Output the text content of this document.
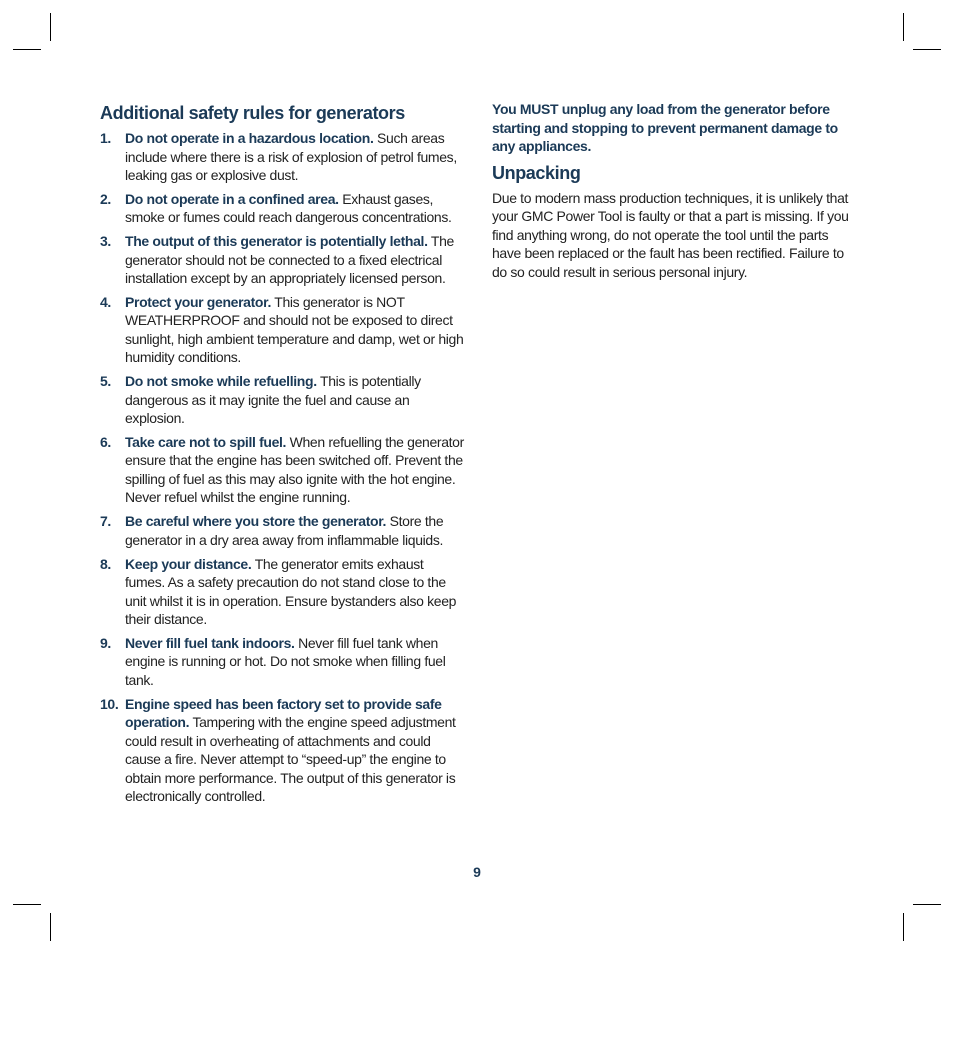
Additional safety rules for generators
1. Do not operate in a hazardous location. Such areas include where there is a risk of explosion of petrol fumes, leaking gas or explosive dust.
2. Do not operate in a confined area. Exhaust gases, smoke or fumes could reach dangerous concentrations.
3. The output of this generator is potentially lethal. The generator should not be connected to a fixed electrical installation except by an appropriately licensed person.
4. Protect your generator. This generator is NOT WEATHERPROOF and should not be exposed to direct sunlight, high ambient temperature and damp, wet or high humidity conditions.
5. Do not smoke while refuelling. This is potentially dangerous as it may ignite the fuel and cause an explosion.
6. Take care not to spill fuel. When refuelling the generator ensure that the engine has been switched off. Prevent the spilling of fuel as this may also ignite with the hot engine. Never refuel whilst the engine running.
7. Be careful where you store the generator. Store the generator in a dry area away from inflammable liquids.
8. Keep your distance. The generator emits exhaust fumes. As a safety precaution do not stand close to the unit whilst it is in operation. Ensure bystanders also keep their distance.
9. Never fill fuel tank indoors. Never fill fuel tank when engine is running or hot. Do not smoke when filling fuel tank.
10. Engine speed has been factory set to provide safe operation. Tampering with the engine speed adjustment could result in overheating of attachments and could cause a fire. Never attempt to “speed-up” the engine to obtain more performance. The output of this generator is electronically controlled.

You MUST unplug any load from the generator before starting and stopping to prevent permanent damage to any appliances.

Unpacking

Due to modern mass production techniques, it is unlikely that your GMC Power Tool is faulty or that a part is missing. If you find anything wrong, do not operate the tool until the parts have been replaced or the fault has been rectified. Failure to do so could result in serious personal injury.

9
